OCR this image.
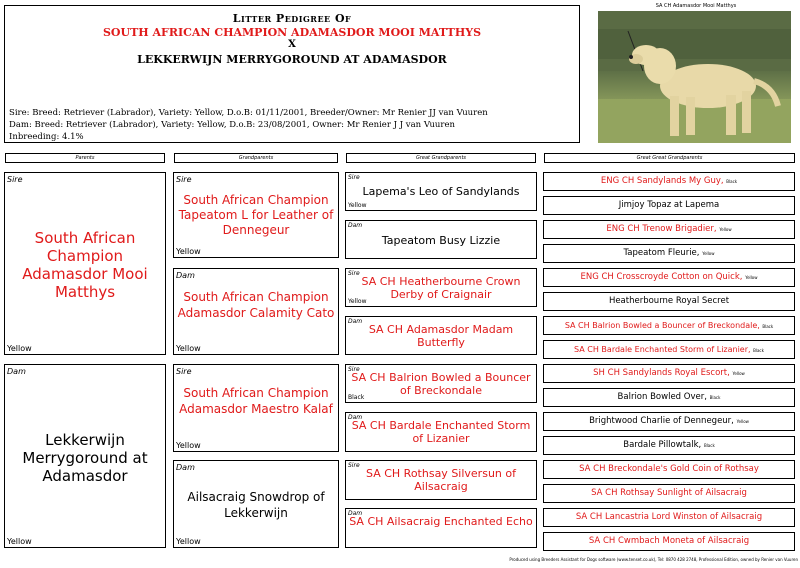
Litter Pedigree Of
SOUTH AFRICAN CHAMPION ADAMASDOR MOOI MATTHYS
X
LEKKERWIJN MERRYGOROUND AT ADAMASDOR
Sire: Breed: Retriever (Labrador), Variety: Yellow, D.o.B: 01/11/2001, Breeder/Owner: Mr Renier JJ van Vuuren
Dam: Breed: Retriever (Labrador), Variety: Yellow, D.o.B: 23/08/2001, Owner: Mr Renier J J van Vuuren
Inbreeding: 4.1%
SA CH Adamasdor Mooi Matthys
Parents	Grandparents	Great Grandparents	Great Great Grandparents
Sire
South African Champion Adamasdor Mooi Matthys
Yellow
Dam
Lekkerwijn Merrygoround at Adamasdor
Yellow
Sire
South African Champion Tapeatom L for Leather of Dennegeur
Yellow
Dam
South African Champion Adamasdor Calamity Cato
Yellow
Sire
South African Champion Adamasdor Maestro Kalaf
Yellow
Dam
Ailsacraig Snowdrop of Lekkerwijn
Yellow
Sire
Lapema's Leo of Sandylands
Yellow
Dam
Tapeatom Busy Lizzie
Sire
SA CH Heatherbourne Crown Derby of Craignair
Yellow
Dam
SA CH Adamasdor Madam Butterfly
Sire
SA CH Balrion Bowled a Bouncer of Breckondale
Black
Dam
SA CH Bardale Enchanted Storm of Lizanier
Sire
SA CH Rothsay Silversun of Ailsacraig
Dam
SA CH Ailsacraig Enchanted Echo
ENG CH Sandylands My Guy, Black
Jimjoy Topaz at Lapema
ENG CH Trenow Brigadier, Yellow
Tapeatom Fleurie, Yellow
ENG CH Crosscroyde Cotton on Quick, Yellow
Heatherbourne Royal Secret
SA CH Balrion Bowled a Bouncer of Breckondale, Black
SA CH Bardale Enchanted Storm of Lizanier, Black
SH CH Sandylands Royal Escort, Yellow
Balrion Bowled Over, Black
Brightwood Charlie of Dennegeur, Yellow
Bardale Pillowtalk, Black
SA CH Breckondale's Gold Coin of Rothsay
SA CH Rothsay Sunlight of Ailsacraig
SA CH Lancastria Lord Winston of Ailsacraig
SA CH Cwmbach Moneta of Ailsacraig
Produced using Breeders Assistant for Dogs software (www.tenset.co.uk), Tel: 0870 428 2748, Professional Edition, owned by Renier van Vuuren
